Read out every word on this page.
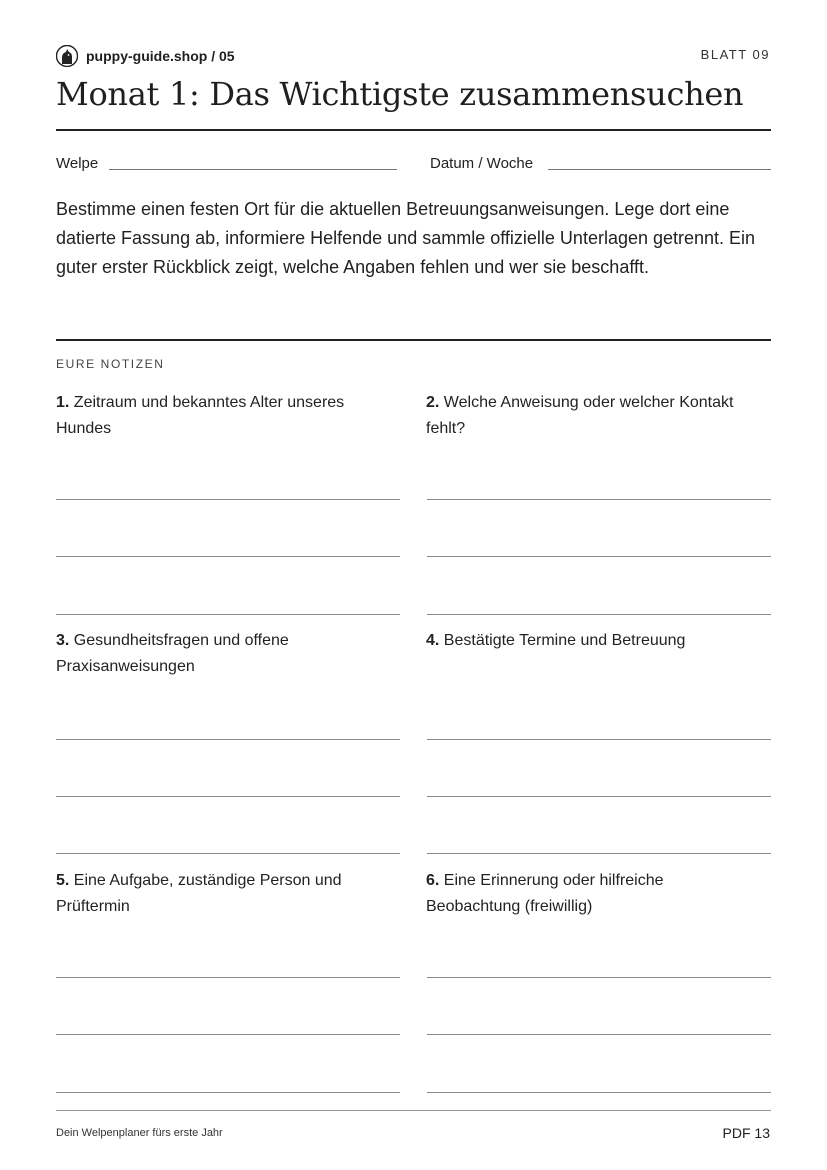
puppy-guide.shop / 05	BLATT 09
Monat 1: Das Wichtigste zusammensuchen
Welpe	Datum / Woche
Bestimme einen festen Ort für die aktuellen Betreuungsanweisungen. Lege dort eine datierte Fassung ab, informiere Helfende und sammle offizielle Unterlagen getrennt. Ein guter erster Rückblick zeigt, welche Angaben fehlen und wer sie beschafft.
EURE NOTIZEN
1. Zeitraum und bekanntes Alter unseres Hundes
2. Welche Anweisung oder welcher Kontakt fehlt?
3. Gesundheitsfragen und offene Praxisanweisungen
4. Bestätigte Termine und Betreuung
5. Eine Aufgabe, zuständige Person und Prüftermin
6. Eine Erinnerung oder hilfreiche Beobachtung (freiwillig)
Dein Welpenplaner fürs erste Jahr	PDF 13
